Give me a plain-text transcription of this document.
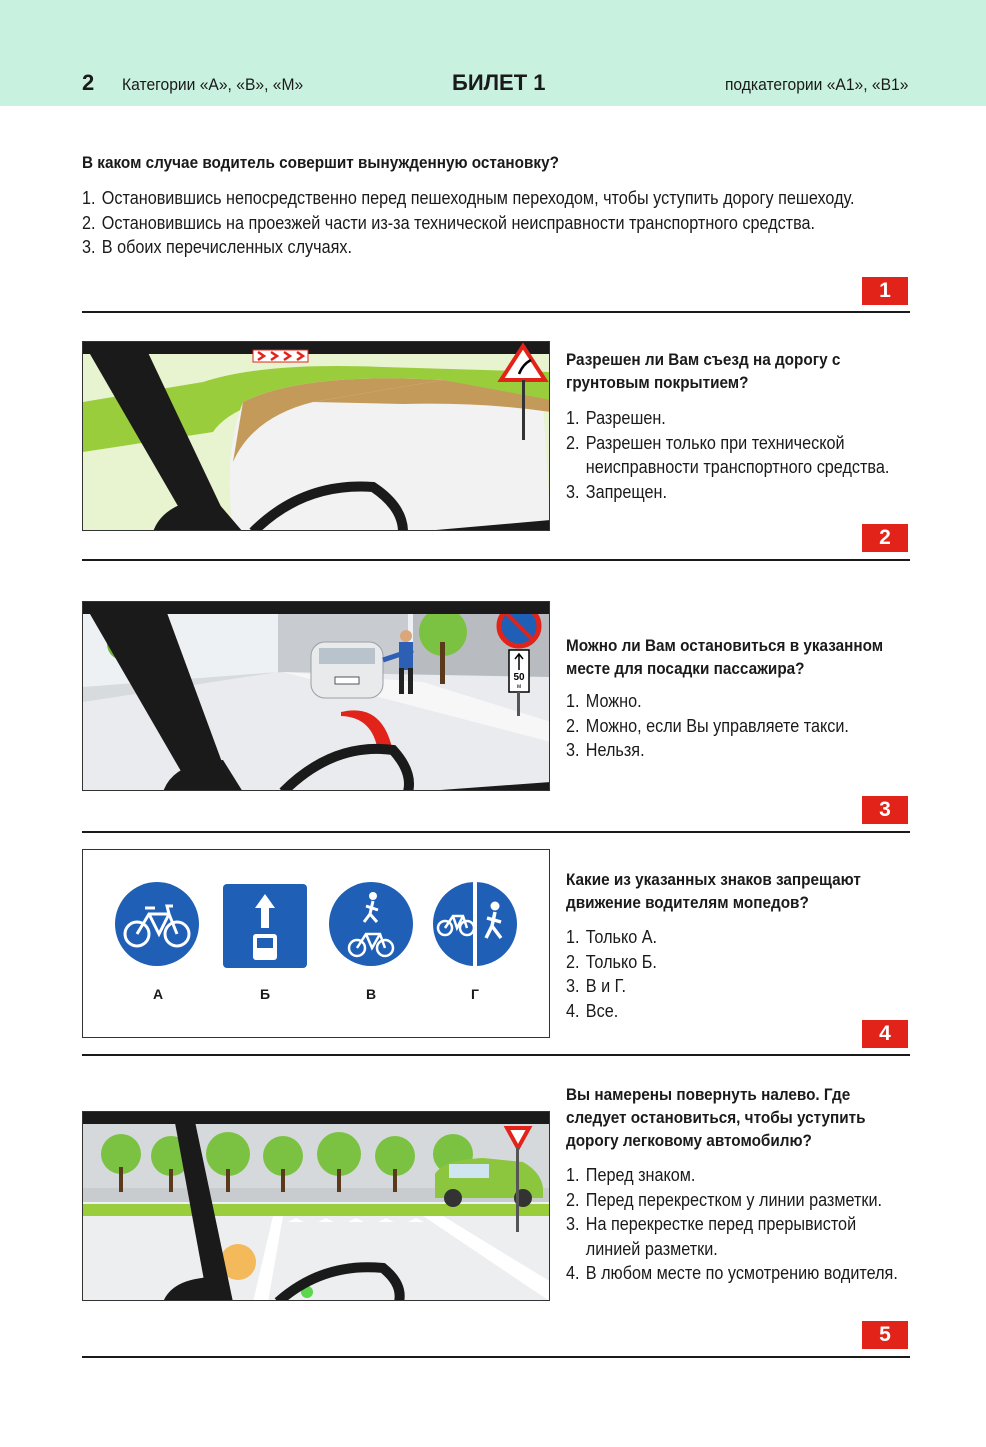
2 Категории «А», «В», «М»	БИЛЕТ 1	подкатегории «А1», «В1»
В каком случае водитель совершит вынужденную остановку?
1. Остановившись непосредственно перед пешеходным переходом, чтобы уступить дорогу пешеходу.
2. Остановившись на проезжей части из-за технической неисправности транспортного средства.
3. В обоих перечисленных случаях.
1
Разрешен ли Вам съезд на дорогу с грунтовым покрытием?
1. Разрешен.
2. Разрешен только при технической неисправности транспортного средства.
3. Запрещен.
2
50
м
Можно ли Вам остановиться в указанном месте для посадки пассажира?
1. Можно.
2. Можно, если Вы управляете такси.
3. Нельзя.
3
А	Б	В	Г
Какие из указанных знаков запрещают движение водителям мопедов?
1. Только А.
2. Только Б.
3. В и Г.
4. Все.
4
Вы намерены повернуть налево. Где следует остановиться, чтобы уступить дорогу легковому автомобилю?
1. Перед знаком.
2. Перед перекрестком у линии разметки.
3. На перекрестке перед прерывистой линией разметки.
4. В любом месте по усмотрению водителя.
5
